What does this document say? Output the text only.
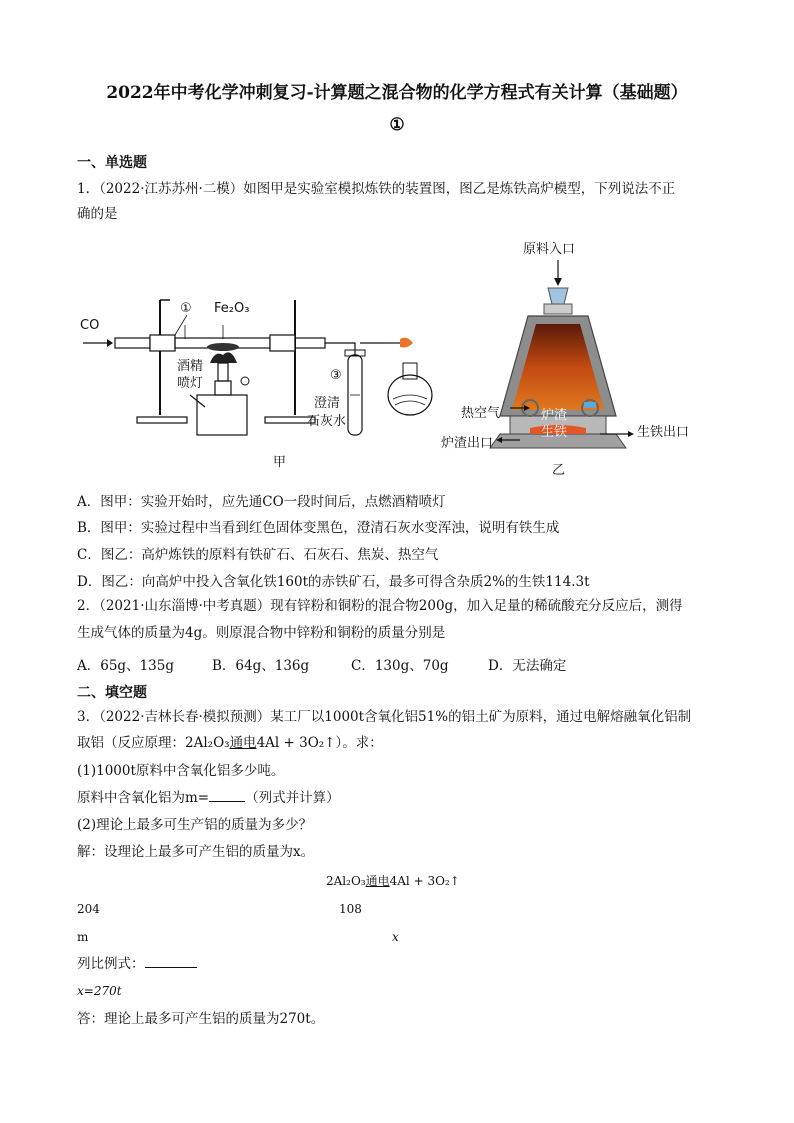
2022年中考化学冲刺复习-计算题之混合物的化学方程式有关计算（基础题）
①
一、单选题
1．（2022·江苏苏州·二模）如图甲是实验室模拟炼铁的装置图，图乙是炼铁高炉模型，下列说法不正
确的是
CO
① Fe₂O₃
酒精
喷灯
③
澄清
石灰水
甲
原料入口
热空气	炉渣
生铁
炉渣出口
生铁出口
乙
A．图甲：实验开始时，应先通CO一段时间后，点燃酒精喷灯
B．图甲：实验过程中当看到红色固体变黑色，澄清石灰水变浑浊，说明有铁生成
C．图乙：高炉炼铁的原料有铁矿石、石灰石、焦炭、热空气
D．图乙：向高炉中投入含氧化铁160t的赤铁矿石，最多可得含杂质2%的生铁114.3t
2．（2021·山东淄博·中考真题）现有锌粉和铜粉的混合物200g，加入足量的稀硫酸充分反应后，测得
生成气体的质量为4g。则原混合物中锌粉和铜粉的质量分别是
A．65g、135g	B．64g、136g	C．130g、70g	D．无法确定
二、填空题
3．（2022·吉林长春·模拟预测）某工厂以1000t含氧化铝51%的铝土矿为原料，通过电解熔融氧化铝制
取铝（反应原理：2Al₂O₃通电4Al + 3O₂↑）。求：
(1)1000t原料中含氧化铝多少吨。
原料中含氧化铝为m=	（列式并计算）
(2)理论上最多可生产铝的质量为多少？
解：设理论上最多可产生铝的质量为x。
2Al₂O₃通电4Al + 3O₂↑
204	108
m	x
列比例式：
x=270t
答：理论上最多可产生铝的质量为270t。
